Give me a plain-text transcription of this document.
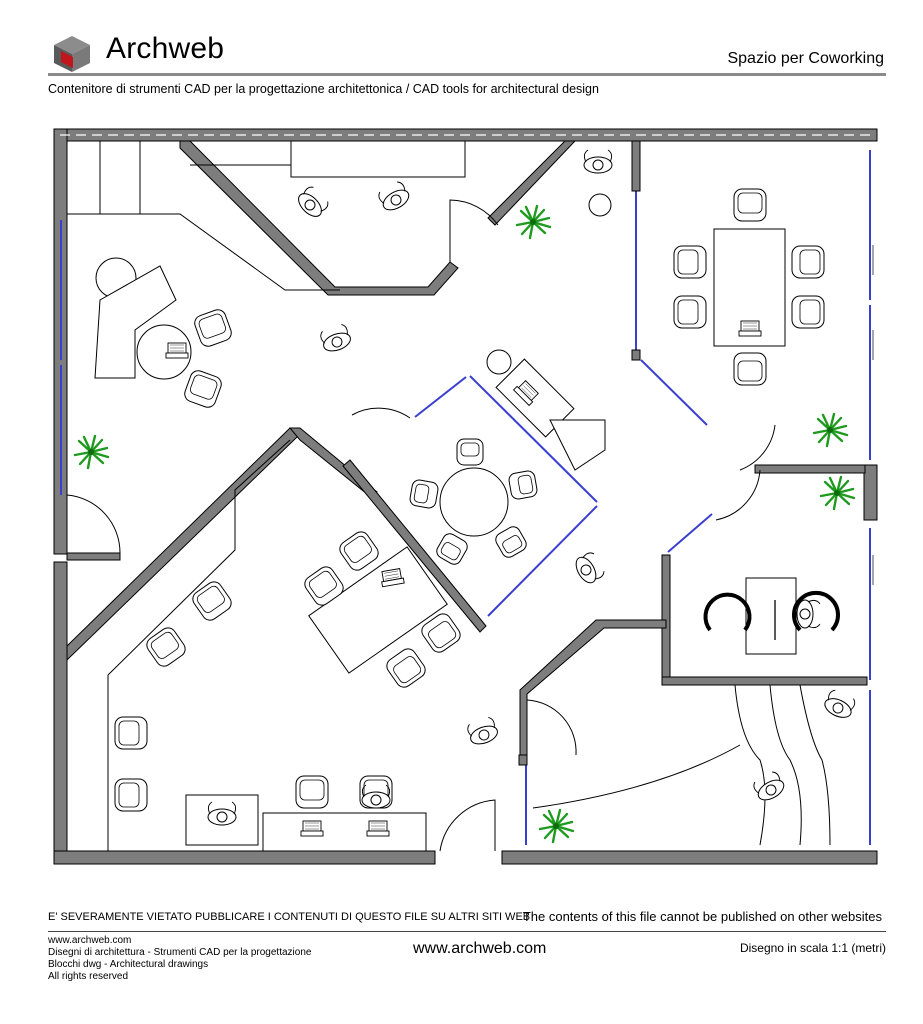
Archweb	Spazio per Coworking
Contenitore di strumenti CAD per la progettazione architettonica / CAD tools for architectural design
E' SEVERAMENTE VIETATO PUBBLICARE I CONTENUTI DI QUESTO FILE SU ALTRI SITI WEB
The contents of this file cannot be published on other websites
www.archweb.com
Disegni di architettura - Strumenti CAD per la progettazione
Blocchi dwg - Architectural drawings
All rights reserved
www.archweb.com	Disegno in scala 1:1 (metri)
